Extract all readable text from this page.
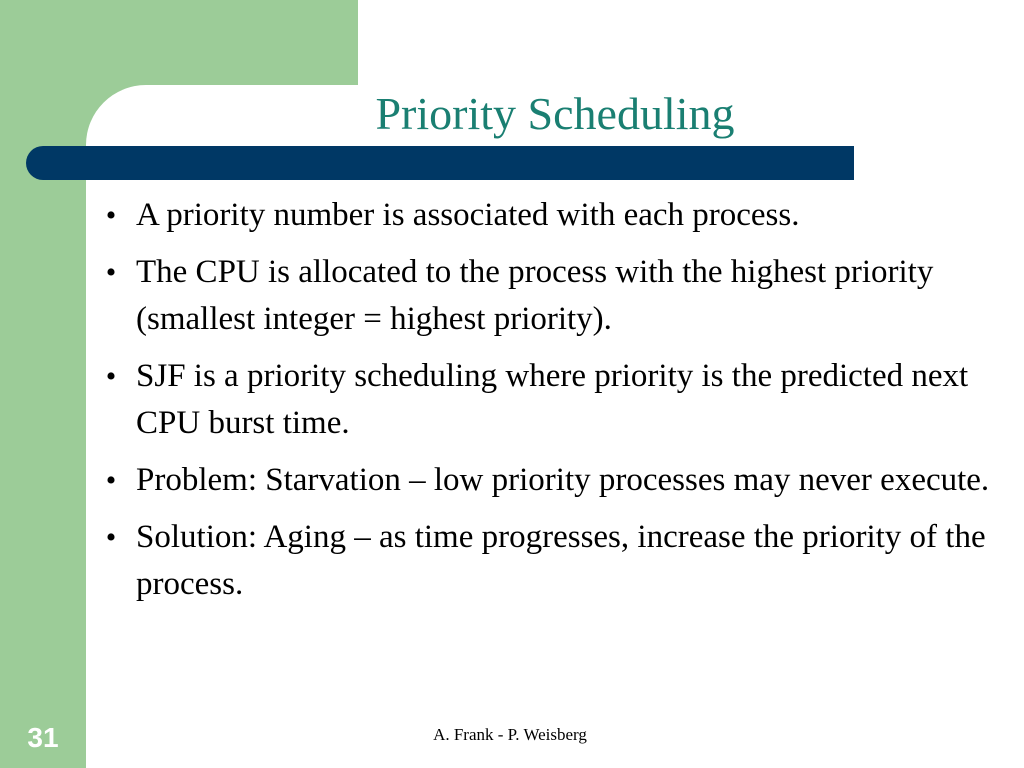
Priority Scheduling
• A priority number is associated with each process.
• The CPU is allocated to the process with the highest priority (smallest integer = highest priority).
• SJF is a priority scheduling where priority is the predicted next CPU burst time.
• Problem: Starvation – low priority processes may never execute.
• Solution: Aging – as time progresses, increase the priority of the process.
31	A. Frank - P. Weisberg
